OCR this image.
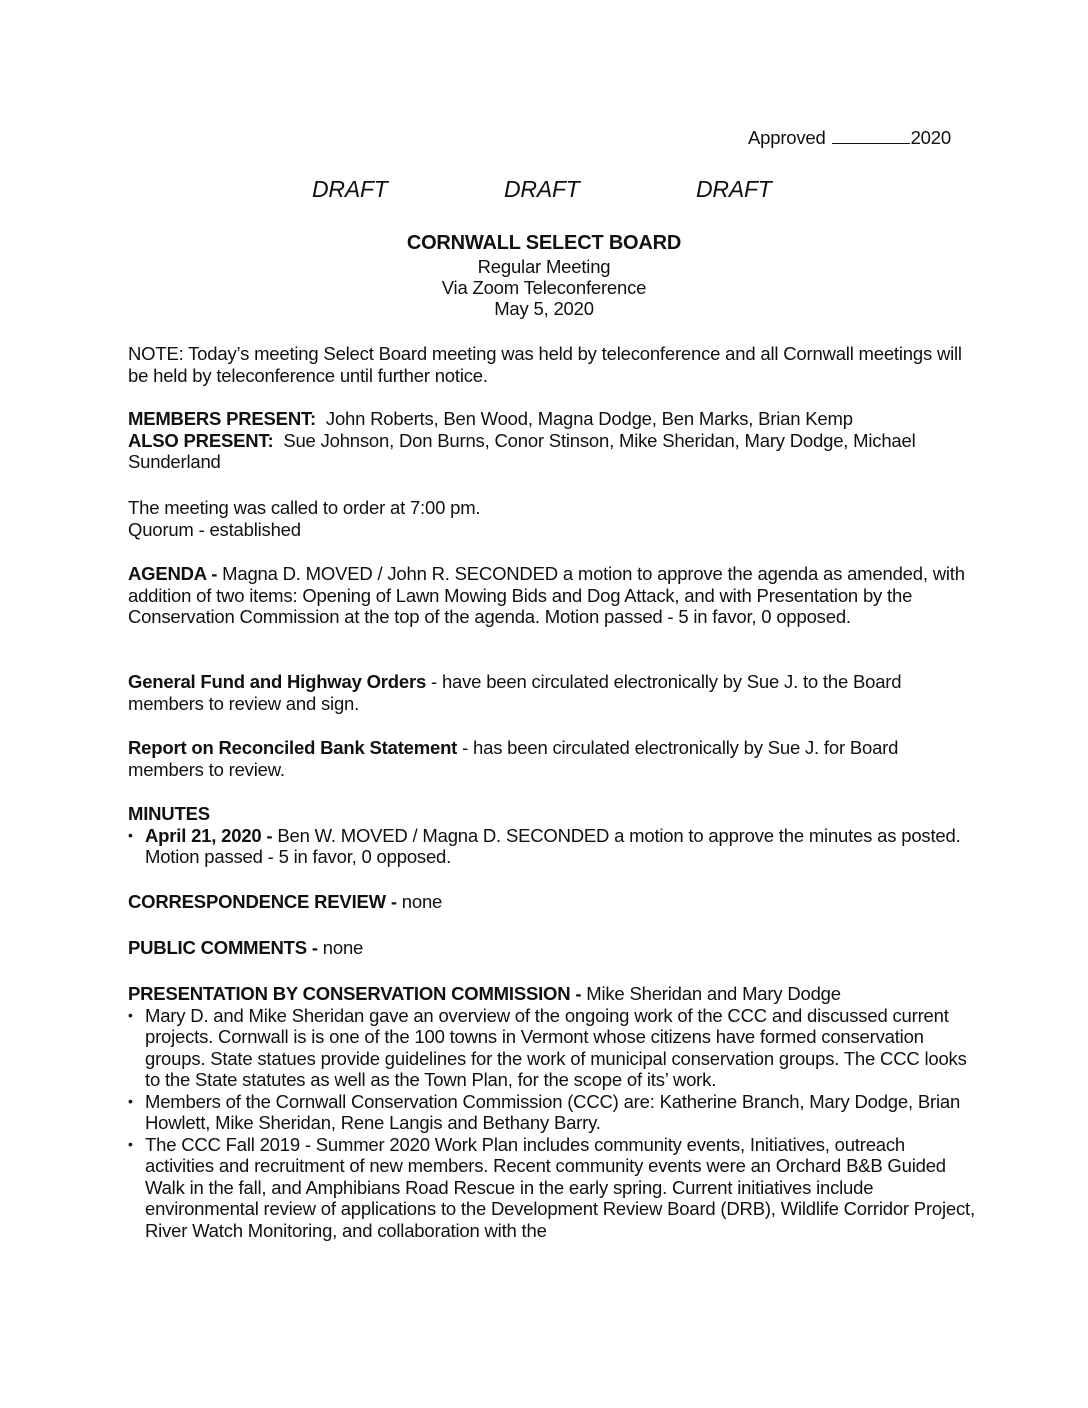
Approved	2020
DRAFT	DRAFT	DRAFT
CORNWALL SELECT BOARD
Regular Meeting
Via Zoom Teleconference
May 5, 2020

NOTE: Today’s meeting Select Board meeting was held by teleconference and all Cornwall meetings will be held by teleconference until further notice.

MEMBERS PRESENT: John Roberts, Ben Wood, Magna Dodge, Ben Marks, Brian Kemp

ALSO PRESENT: Sue Johnson, Don Burns, Conor Stinson, Mike Sheridan, Mary Dodge, Michael Sunderland

The meeting was called to order at 7:00 pm.

Quorum - established

AGENDA - Magna D. MOVED / John R. SECONDED a motion to approve the agenda as amended, with addition of two items: Opening of Lawn Mowing Bids and Dog Attack, and with Presentation by the Conservation Commission at the top of the agenda. Motion passed - 5 in favor, 0 opposed.

General Fund and Highway Orders - have been circulated electronically by Sue J. to the Board members to review and sign.

Report on Reconciled Bank Statement - has been circulated electronically by Sue J. for Board members to review.

MINUTES

• April 21, 2020 - Ben W. MOVED / Magna D. SECONDED a motion to approve the minutes as posted. Motion passed - 5 in favor, 0 opposed.

CORRESPONDENCE REVIEW - none

PUBLIC COMMENTS - none

PRESENTATION BY CONSERVATION COMMISSION - Mike Sheridan and Mary Dodge

• Mary D. and Mike Sheridan gave an overview of the ongoing work of the CCC and discussed current projects. Cornwall is is one of the 100 towns in Vermont whose citizens have formed conservation groups. State statues provide guidelines for the work of municipal conservation groups. The CCC looks to the State statutes as well as the Town Plan, for the scope of its’ work.
• Members of the Cornwall Conservation Commission (CCC) are: Katherine Branch, Mary Dodge, Brian Howlett, Mike Sheridan, Rene Langis and Bethany Barry.
• The CCC Fall 2019 - Summer 2020 Work Plan includes community events, Initiatives, outreach activities and recruitment of new members. Recent community events were an Orchard B&B Guided Walk in the fall, and Amphibians Road Rescue in the early spring. Current initiatives include environmental review of applications to the Development Review Board (DRB), Wildlife Corridor Project, River Watch Monitoring, and collaboration with the
